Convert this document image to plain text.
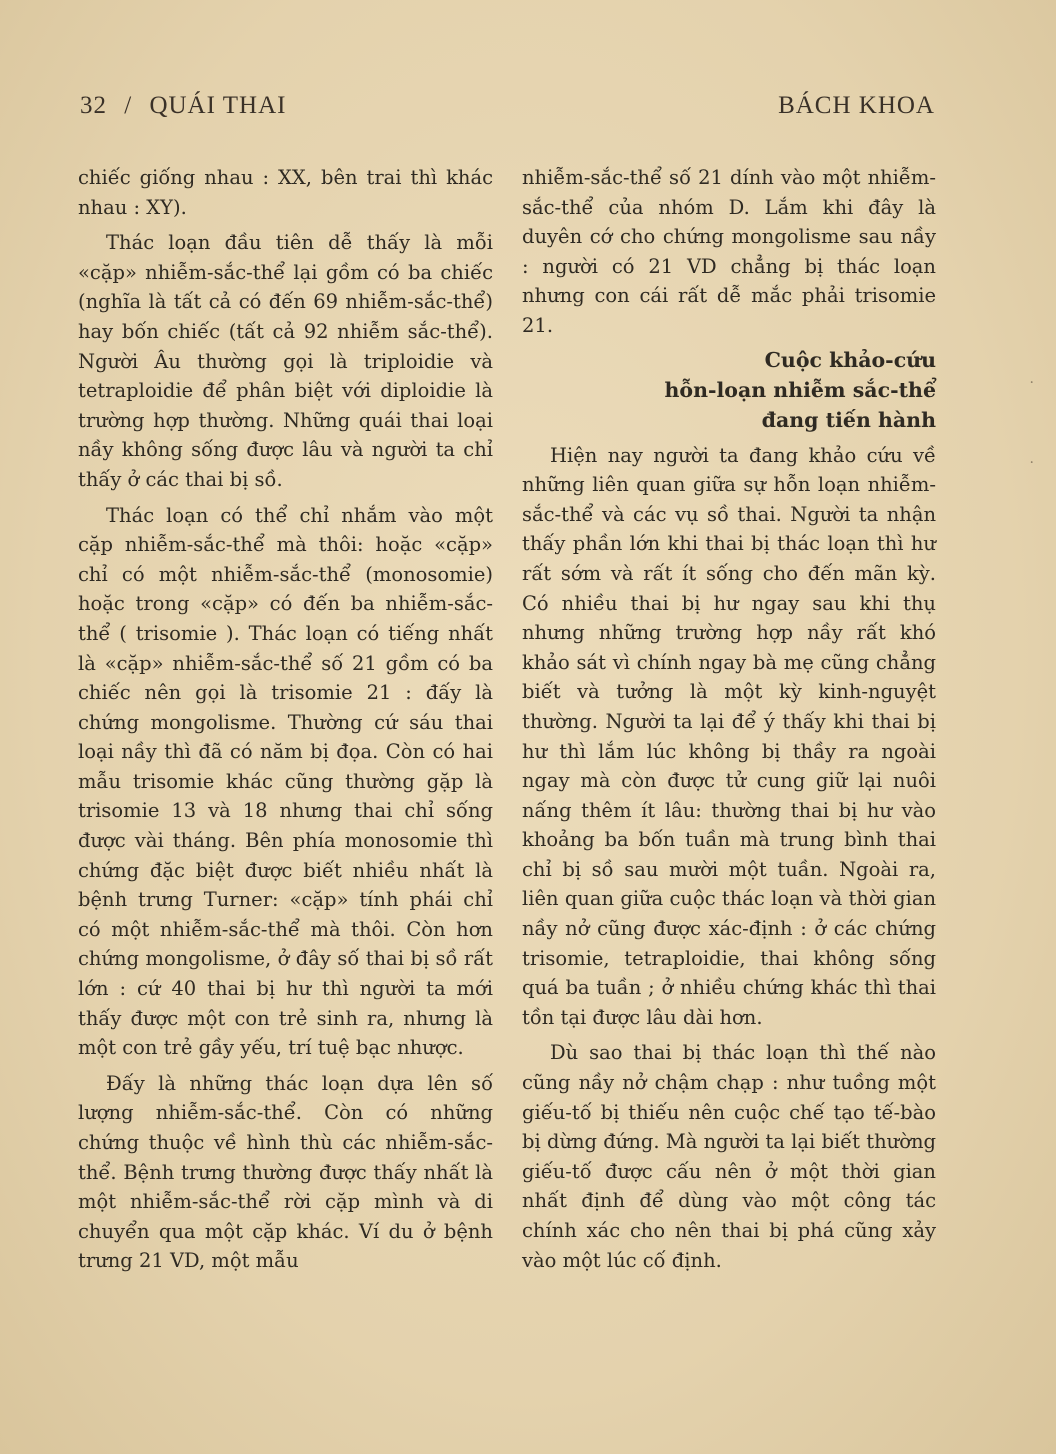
32 / QUÁI THAI	BÁCH KHOA

chiếc giống nhau : XX, bên trai thì khác nhau : XY).

Thác loạn đầu tiên dễ thấy là mỗi «cặp» nhiễm-sắc-thể lại gồm có ba chiếc (nghĩa là tất cả có đến 69 nhiễm-sắc-thể) hay bốn chiếc (tất cả 92 nhiễm sắc-thể). Người Âu thường gọi là triploidie và tetraploidie để phân biệt với diploidie là trường hợp thường. Những quái thai loại nầy không sống được lâu và người ta chỉ thấy ở các thai bị sồ.

Thác loạn có thể chỉ nhắm vào một cặp nhiễm-sắc-thể mà thôi: hoặc «cặp» chỉ có một nhiễm-sắc-thể (monosomie) hoặc trong «cặp» có đến ba nhiễm-sắc-thể ( trisomie ). Thác loạn có tiếng nhất là «cặp» nhiễm-sắc-thể số 21 gồm có ba chiếc nên gọi là trisomie 21 : đấy là chứng mongolisme. Thường cứ sáu thai loại nầy thì đã có năm bị đọa. Còn có hai mẫu trisomie khác cũng thường gặp là trisomie 13 và 18 nhưng thai chỉ sống được vài tháng. Bên phía monosomie thì chứng đặc biệt được biết nhiều nhất là bệnh trưng Turner: «cặp» tính phái chỉ có một nhiễm-sắc-thể mà thôi. Còn hơn chứng mongolisme, ở đây số thai bị sồ rất lớn : cứ 40 thai bị hư thì người ta mới thấy được một con trẻ sinh ra, nhưng là một con trẻ gầy yếu, trí tuệ bạc nhược.

Đấy là những thác loạn dựa lên số lượng nhiễm-sắc-thể. Còn có những chứng thuộc về hình thù các nhiễm-sắc-thể. Bệnh trưng thường được thấy nhất là một nhiễm-sắc-thể rời cặp mình và di chuyển qua một cặp khác. Ví du ở bệnh trưng 21 VD, một mẫu

nhiễm-sắc-thể số 21 dính vào một nhiễm-sắc-thể của nhóm D. Lắm khi đây là duyên cớ cho chứng mongolisme sau nầy : người có 21 VD chẳng bị thác loạn nhưng con cái rất dễ mắc phải trisomie 21.

Cuộc khảo-cứu
hỗn-loạn nhiễm sắc-thể
đang tiến hành

Hiện nay người ta đang khảo cứu về những liên quan giữa sự hỗn loạn nhiễm-sắc-thể và các vụ sồ thai. Người ta nhận thấy phần lớn khi thai bị thác loạn thì hư rất sớm và rất ít sống cho đến mãn kỳ. Có nhiều thai bị hư ngay sau khi thụ nhưng những trường hợp nầy rất khó khảo sát vì chính ngay bà mẹ cũng chẳng biết và tưởng là một kỳ kinh-nguyệt thường. Người ta lại để ý thấy khi thai bị hư thì lắm lúc không bị thầy ra ngoài ngay mà còn được tử cung giữ lại nuôi nấng thêm ít lâu: thường thai bị hư vào khoảng ba bốn tuần mà trung bình thai chỉ bị sồ sau mười một tuần. Ngoài ra, liên quan giữa cuộc thác loạn và thời gian nầy nở cũng được xác-định : ở các chứng trisomie, tetraploidie, thai không sống quá ba tuần ; ở nhiều chứng khác thì thai tồn tại được lâu dài hơn.

Dù sao thai bị thác loạn thì thế nào cũng nầy nở chậm chạp : như tuồng một giếu-tố bị thiếu nên cuộc chế tạo tế-bào bị dừng đứng. Mà người ta lại biết thường giếu-tố được cấu nên ở một thời gian nhất định để dùng vào một công tác chính xác cho nên thai bị phá cũng xảy vào một lúc cố định.

·
·
